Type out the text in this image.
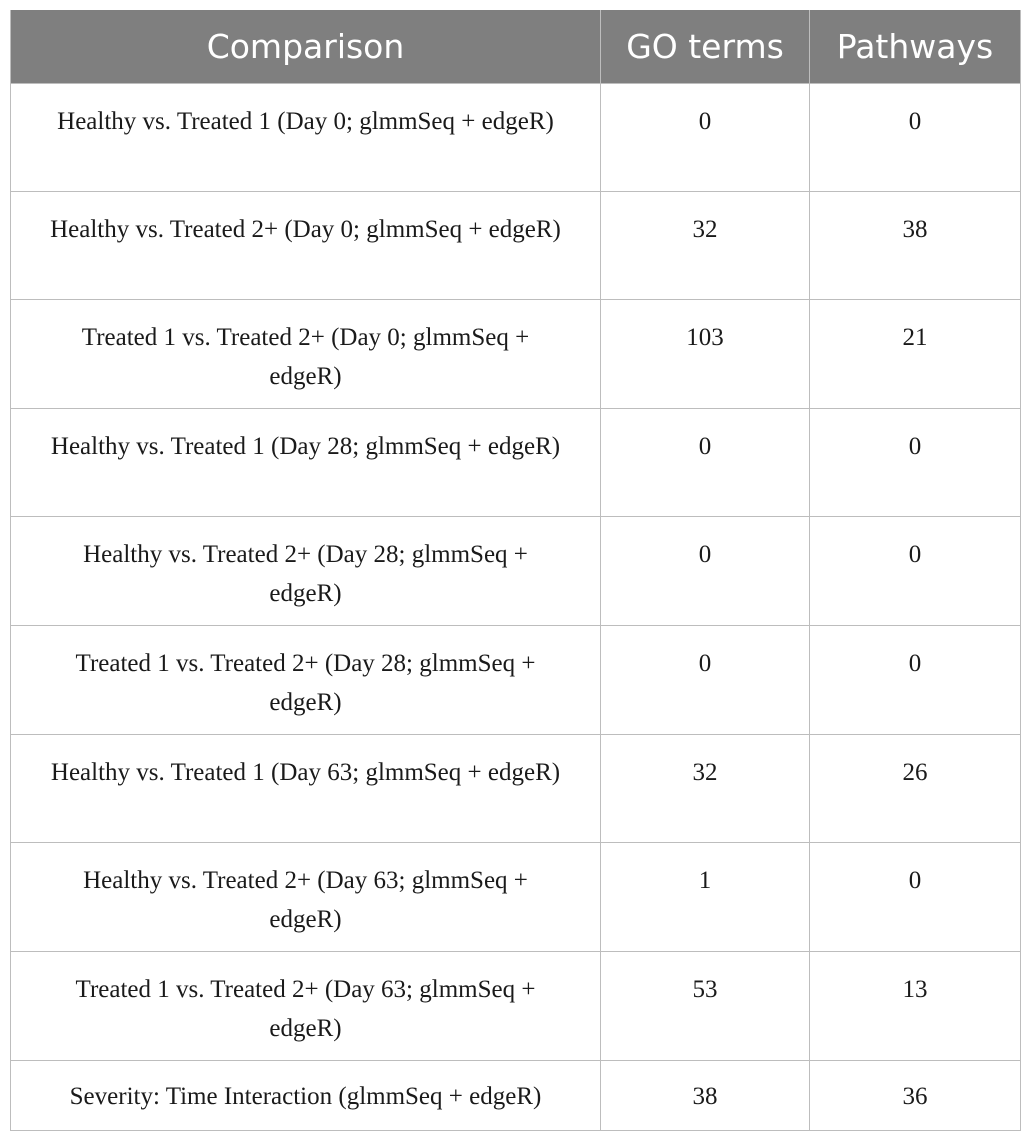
Comparison	GO terms	Pathways

Healthy vs. Treated 1 (Day 0; glmmSeq + edgeR)	0	0

Healthy vs. Treated 2+ (Day 0; glmmSeq + edgeR)	32	38

Treated 1 vs. Treated 2+ (Day 0; glmmSeq + edgeR)	103	21

Healthy vs. Treated 1 (Day 28; glmmSeq + edgeR)	0	0

Healthy vs. Treated 2+ (Day 28; glmmSeq + edgeR)	0	0

Treated 1 vs. Treated 2+ (Day 28; glmmSeq + edgeR)	0	0

Healthy vs. Treated 1 (Day 63; glmmSeq + edgeR)	32	26

Healthy vs. Treated 2+ (Day 63; glmmSeq + edgeR)	1	0

Treated 1 vs. Treated 2+ (Day 63; glmmSeq + edgeR)	53	13

Severity: Time Interaction (glmmSeq + edgeR)	38	36
